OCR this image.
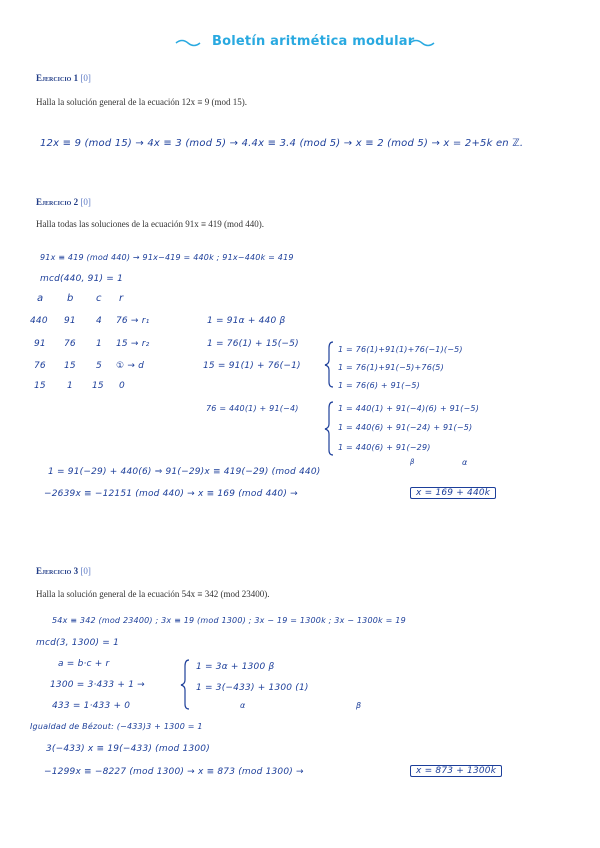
Boletín aritmética modular
Ejercicio 1 [0]
Halla la solución general de la ecuación 12x ≡ 9 (mod 15).
12x ≡ 9 (mod 15) → 4x ≡ 3 (mod 5) → 4.4x ≡ 3.4 (mod 5) → x ≡ 2 (mod 5) → x = 2+5k en ℤ.
Ejercicio 2 [0]
Halla todas las soluciones de la ecuación 91x ≡ 419 (mod 440).
91x ≡ 419 (mod 440) → 91x−419 = 440k ; 91x−440k = 419
mcd(440, 91) = 1
a b c r
440 91 4 76 → r₁
91 76 1 15 → r₂
76 15 5 ① → d
15 1 15 0
1 = 91α + 440 β
1 = 76(1) + 15(−5)
15 = 91(1) + 76(−1)
1 = 76(1)+91(1)+76(−1)(−5)
1 = 76(1)+91(−5)+76(5)
1 = 76(6) + 91(−5)
76 = 440(1) + 91(−4)	1 = 440(1) + 91(−4)(6) + 91(−5)
1 = 440(6) + 91(−24) + 91(−5)
1 = 440(6) + 91(−29)
α
β
1 = 91(−29) + 440(6) ⇒ 91(−29)x ≡ 419(−29) (mod 440)
−2639x ≡ −12151 (mod 440) → x ≡ 169 (mod 440) →	x = 169 + 440k
Ejercicio 3 [0]
Halla la solución general de la ecuación 54x ≡ 342 (mod 23400).
54x ≡ 342 (mod 23400) ; 3x ≡ 19 (mod 1300) ; 3x − 19 = 1300k ; 3x − 1300k = 19
mcd(3, 1300) = 1
a = b·c + r
1300 = 3·433 + 1 →
433 = 1·433 + 0
1 = 3α + 1300 β
1 = 3(−433) + 1300 (1)
α	β
Igualdad de Bézout: (−433)3 + 1300 = 1
3(−433) x ≡ 19(−433) (mod 1300)
−1299x ≡ −8227 (mod 1300) → x ≡ 873 (mod 1300) →	x = 873 + 1300k
